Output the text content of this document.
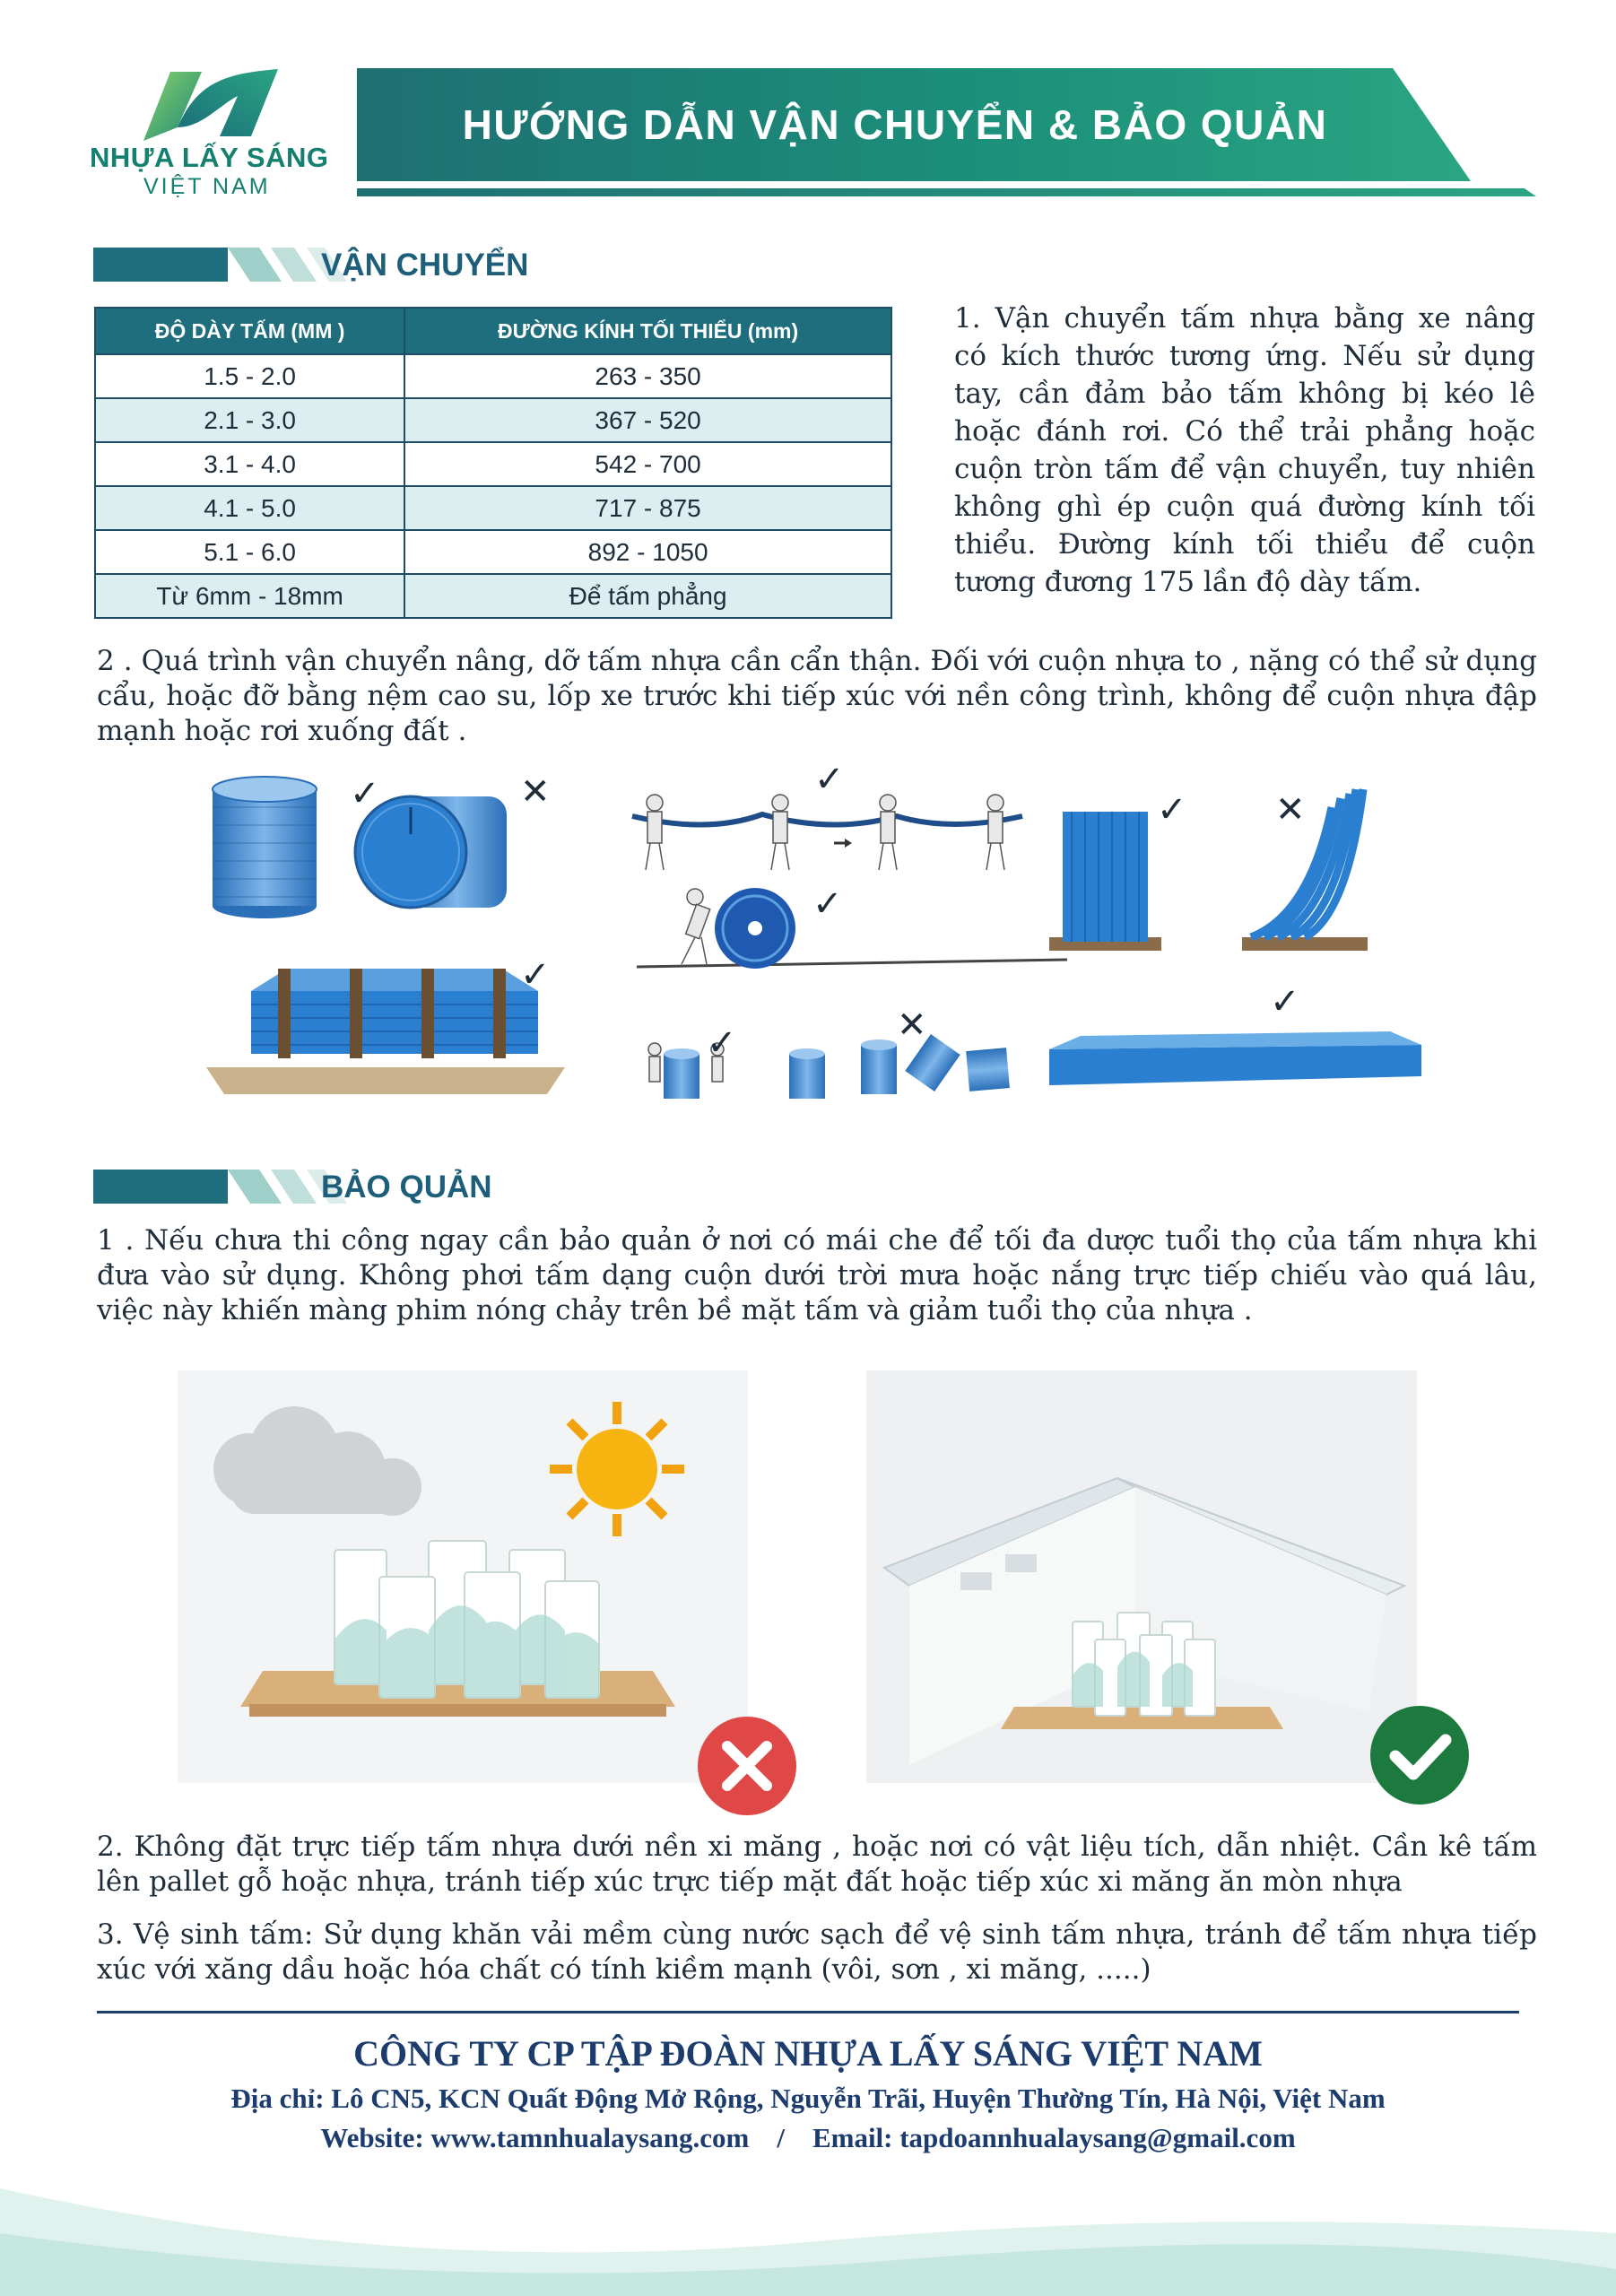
NHỰA LẤY SÁNG
VIỆT NAM
HƯỚNG DẪN VẬN CHUYỂN & BẢO QUẢN
VẬN CHUYỂN
ĐỘ DÀY TẤM (MM )	ĐƯỜNG KÍNH TỐI THIỂU (mm)
1.5 - 2.0	263 - 350
2.1 - 3.0	367 - 520
3.1 - 4.0	542 - 700
4.1 - 5.0	717 - 875
5.1 - 6.0	892 - 1050
Từ 6mm - 18mm	Để tấm phẳng
1. Vận chuyển tấm nhựa bằng xe nâng có kích thước tương ứng. Nếu sử dụng tay, cần đảm bảo tấm không bị kéo lê hoặc đánh rơi. Có thể trải phẳng hoặc cuộn tròn tấm để vận chuyển, tuy nhiên không ghì ép cuộn quá đường kính tối thiểu. Đường kính tối thiểu để cuộn tương đương 175 lần độ dày tấm.
2 . Quá trình vận chuyển nâng, dỡ tấm nhựa cần cẩn thận. Đối với cuộn nhựa to , nặng có thể sử dụng cẩu, hoặc đỡ bằng nệm cao su, lốp xe trước khi tiếp xúc với nền công trình, không để cuộn nhựa đập mạnh hoặc rơi xuống đất .
✓	✕	✓
✓
✓ ✕
✓
✓	✕
✓
BẢO QUẢN
1 . Nếu chưa thi công ngay cần bảo quản ở nơi có mái che để tối đa dược tuổi thọ của tấm nhựa khi đưa vào sử dụng. Không phơi tấm dạng cuộn dưới trời mưa hoặc nắng trực tiếp chiếu vào quá lâu, việc này khiến màng phim nóng chảy trên bề mặt tấm và giảm tuổi thọ của nhựa .
2. Không đặt trực tiếp tấm nhựa dưới nền xi măng , hoặc nơi có vật liệu tích, dẫn nhiệt. Cần kê tấm lên pallet gỗ hoặc nhựa, tránh tiếp xúc trực tiếp mặt đất hoặc tiếp xúc xi măng ăn mòn nhựa
3. Vệ sinh tấm: Sử dụng khăn vải mềm cùng nước sạch để vệ sinh tấm nhựa, tránh để tấm nhựa tiếp xúc với xăng dầu hoặc hóa chất có tính kiềm mạnh (vôi, sơn , xi măng, .....)
CÔNG TY CP TẬP ĐOÀN NHỰA LẤY SÁNG VIỆT NAM
Địa chỉ: Lô CN5, KCN Quất Động Mở Rộng, Nguyễn Trãi, Huyện Thường Tín, Hà Nội, Việt Nam
Website: www.tamnhualaysang.com / Email: tapdoannhualaysang@gmail.com
